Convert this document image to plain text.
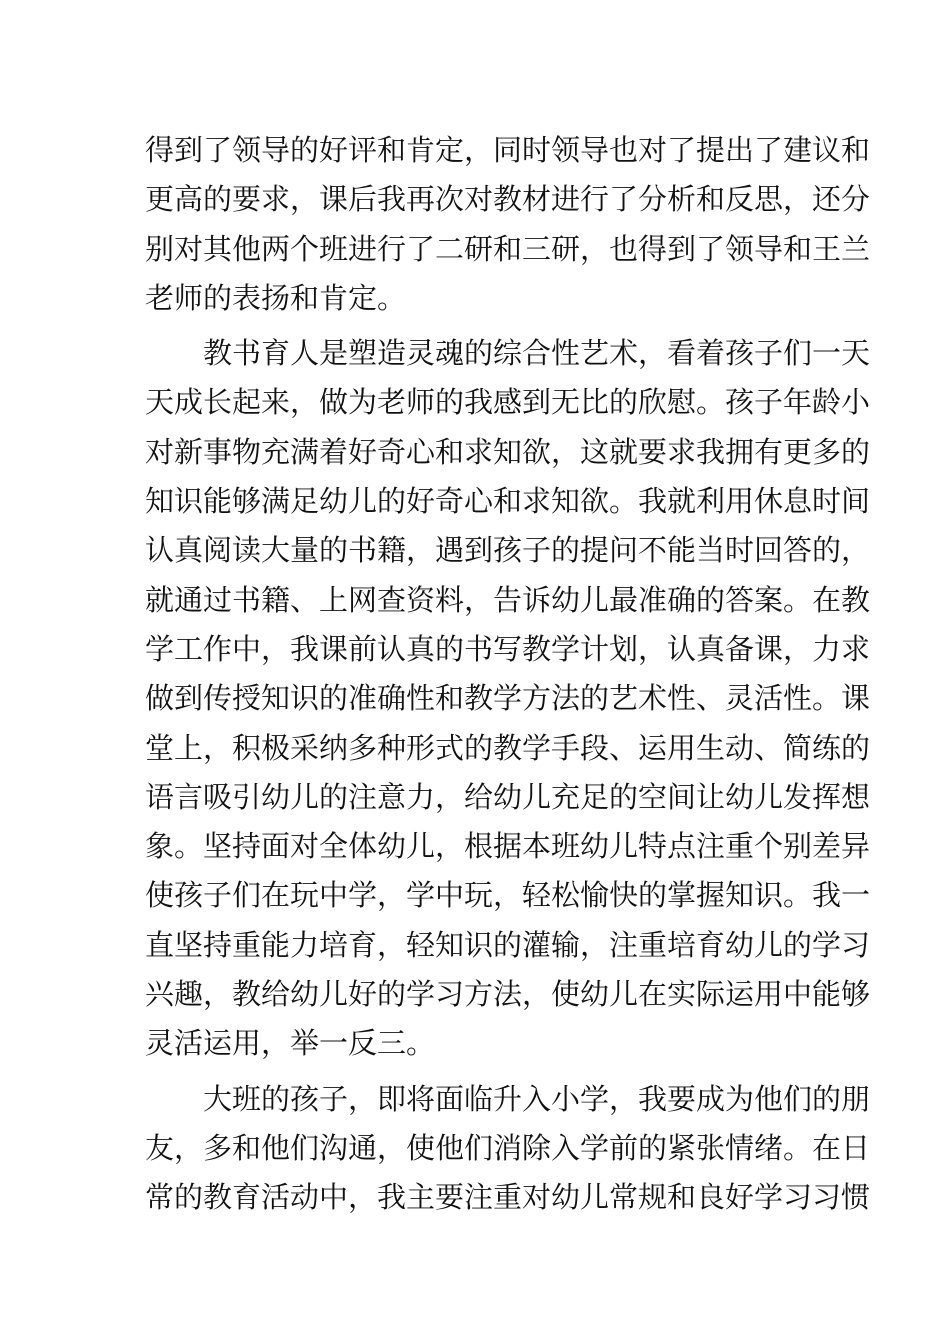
得到了领导的好评和肯定，同时领导也对了提出了建议和
更高的要求，课后我再次对教材进行了分析和反思，还分
别对其他两个班进行了二研和三研，也得到了领导和王兰
老师的表扬和肯定。
教书育人是塑造灵魂的综合性艺术，看着孩子们一天
天成长起来，做为老师的我感到无比的欣慰。孩子年龄小
对新事物充满着好奇心和求知欲，这就要求我拥有更多的
知识能够满足幼儿的好奇心和求知欲。我就利用休息时间
认真阅读大量的书籍，遇到孩子的提问不能当时回答的，
就通过书籍、上网查资料，告诉幼儿最准确的答案。在教
学工作中，我课前认真的书写教学计划，认真备课，力求
做到传授知识的准确性和教学方法的艺术性、灵活性。课
堂上，积极采纳多种形式的教学手段、运用生动、简练的
语言吸引幼儿的注意力，给幼儿充足的空间让幼儿发挥想
象。坚持面对全体幼儿，根据本班幼儿特点注重个别差异
使孩子们在玩中学，学中玩，轻松愉快的掌握知识。我一
直坚持重能力培育，轻知识的灌输，注重培育幼儿的学习
兴趣，教给幼儿好的学习方法，使幼儿在实际运用中能够
灵活运用，举一反三。
大班的孩子，即将面临升入小学，我要成为他们的朋
友，多和他们沟通，使他们消除入学前的紧张情绪。在日
常的教育活动中，我主要注重对幼儿常规和良好学习习惯
